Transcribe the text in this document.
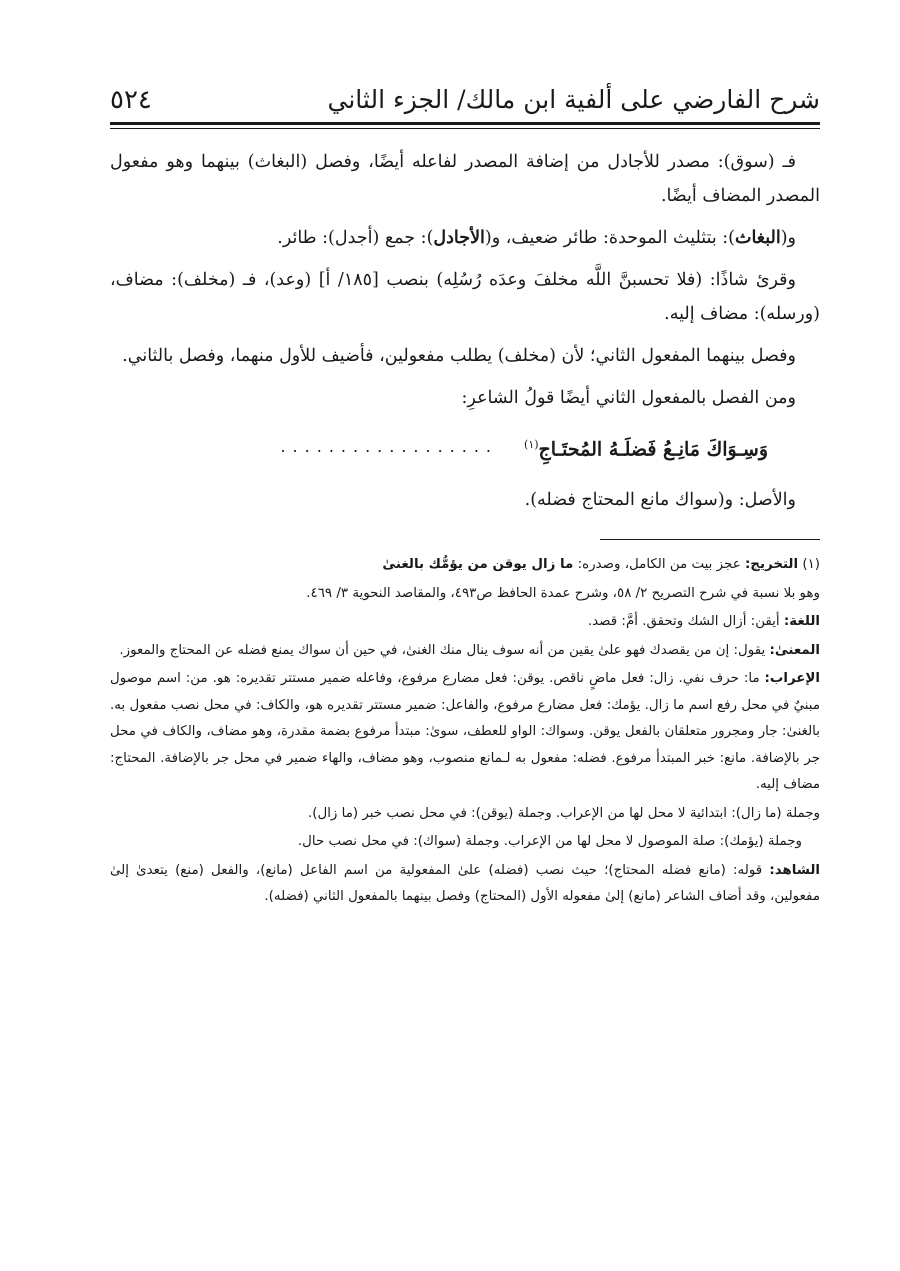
شرح الفارضي على ألفية ابن مالك/ الجزء الثاني
٥٢٤

فـ (سوق): مصدر للأجادل من إضافة المصدر لفاعله أيضًا، وفصل (البغاث) بينهما وهو مفعول المصدر المضاف أيضًا.

و(البغاث): بتثليث الموحدة: طائر ضعيف، و(الأجادل): جمع (أجدل): طائر.

وقرئ شاذًا: (فلا تحسبنَّ اللَّه مخلفَ وعدَه رُسُلِه) بنصب [١٨٥/ أ] (وعد)، فـ (مخلف): مضاف، (ورسله): مضاف إليه.

وفصل بينهما المفعول الثاني؛ لأن (مخلف) يطلب مفعولين، فأضيف للأول منهما، وفصل بالثاني.

ومن الفصل بالمفعول الثاني أيضًا قولُ الشاعرِ:

وَسِـوَاكَ مَانِـعُ فَضلَـهُ المُحتَـاجِ$^{(١)}$
..................

والأصل: و(سواك مانع المحتاج فضله).

(١) التخريج: عجز بيت من الكامل، وصدره: ما زال يوقن من يؤمُّك بالغنىٰ
وهو بلا نسبة في شرح التصريح ٢/ ٥٨، وشرح عمدة الحافظ ص٤٩٣، والمقاصد النحوية ٣/ ٤٦٩.
اللغة: أيقن: أزال الشك وتحقق. أمَّ: قصد.
المعنىٰ: يقول: إن من يقصدك فهو علىٰ يقين من أنه سوف ينال منك الغنىٰ، في حين أن سواك يمنع فضله عن المحتاج والمعوز.
الإعراب: ما: حرف نفي. زال: فعل ماضٍ ناقص. يوقن: فعل مضارع مرفوع، وفاعله ضمير مستتر تقديره: هو. من: اسم موصول مبنيٌ في محل رفع اسم ما زال. يؤمك: فعل مضارع مرفوع، والفاعل: ضمير مستتر تقديره هو، والكاف: في محل نصب مفعول به. بالغنىٰ: جار ومجرور متعلقان بالفعل يوقن. وسواك: الواو للعطف، سوىٰ: مبتدأ مرفوع بضمة مقدرة، وهو مضاف، والكاف في محل جر بالإضافة. مانع: خبر المبتدأ مرفوع. فضله: مفعول به لـمانع منصوب، وهو مضاف، والهاء ضمير في محل جر بالإضافة. المحتاج: مضاف إليه.
وجملة (ما زال): ابتدائية لا محل لها من الإعراب. وجملة (يوقن): في محل نصب خبر (ما زال).
وجملة (يؤمك): صلة الموصول لا محل لها من الإعراب. وجملة (سواك): في محل نصب حال.
الشاهد: قوله: (مانع فضله المحتاج)؛ حيث نصب (فضله) علىٰ المفعولية من اسم الفاعل (مانع)، والفعل (منع) يتعدىٰ إلىٰ مفعولين، وقد أضاف الشاعر (مانع) إلىٰ مفعوله الأول (المحتاج) وفصل بينهما بالمفعول الثاني (فضله).
